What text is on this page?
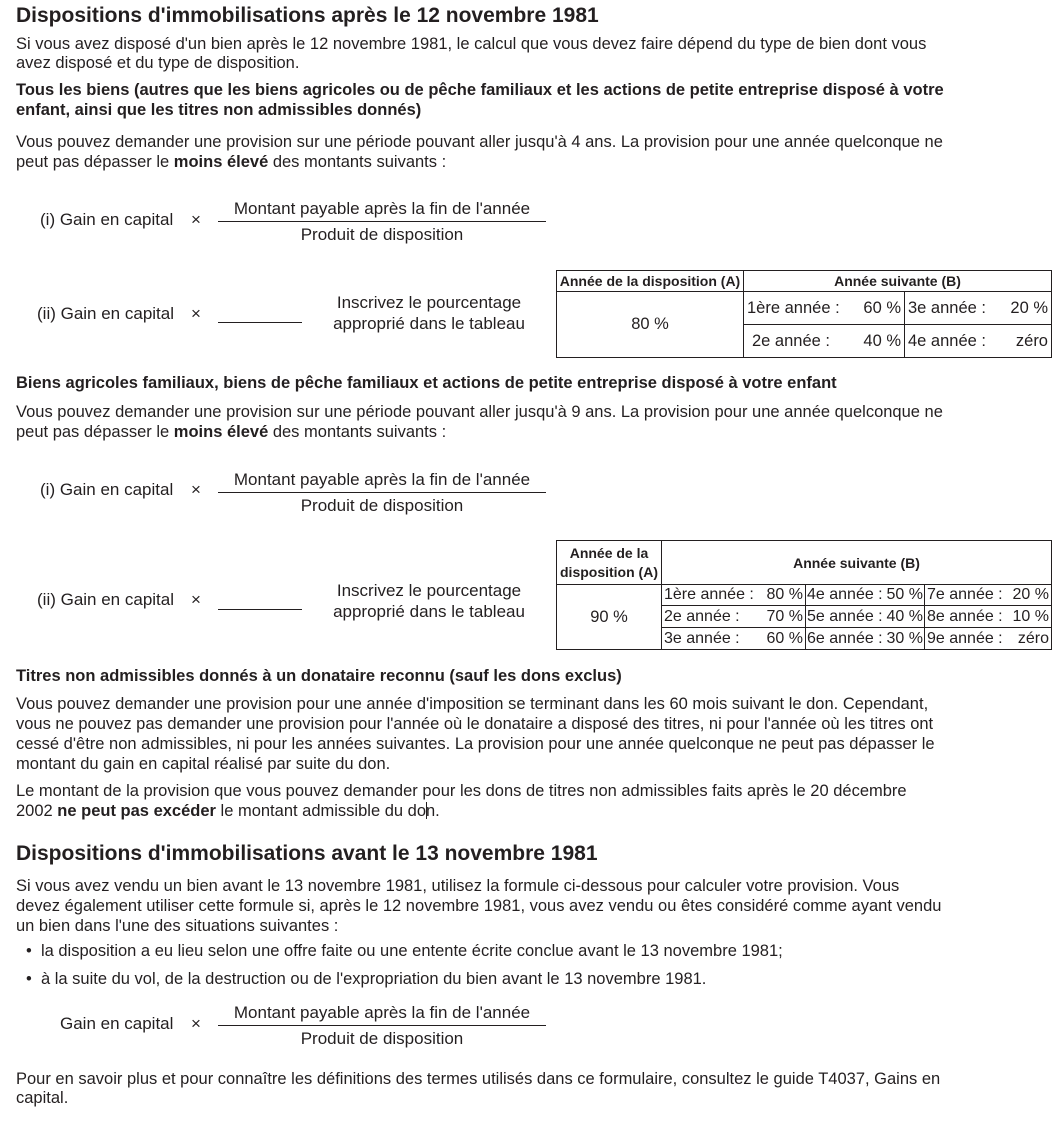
Dispositions d'immobilisations après le 12 novembre 1981
Si vous avez disposé d'un bien après le 12 novembre 1981, le calcul que vous devez faire dépend du type de bien dont vous
avez disposé et du type de disposition.
Tous les biens (autres que les biens agricoles ou de pêche familiaux et les actions de petite entreprise disposé à votre
enfant, ainsi que les titres non admissibles donnés)
Vous pouvez demander une provision sur une période pouvant aller jusqu'à 4 ans. La provision pour une année quelconque ne
peut pas dépasser le moins élevé des montants suivants :
(i) Gain en capital ×
Montant payable après la fin de l'année
Produit de disposition
(ii) Gain en capital ×
Inscrivez le pourcentage
approprié dans le tableau
Année de la disposition (A)	Année suivante (B)	
80 %	1ère année : 60 %	3e année : 20 %

	2e année : 40 %	4e année : zéro
Biens agricoles familiaux, biens de pêche familiaux et actions de petite entreprise disposé à votre enfant
Vous pouvez demander une provision sur une période pouvant aller jusqu'à 9 ans. La provision pour une année quelconque ne
peut pas dépasser le moins élevé des montants suivants :
(i) Gain en capital ×
Montant payable après la fin de l'année
Produit de disposition
(ii) Gain en capital ×	Inscrivez le pourcentage
approprié dans le tableau
Année de la
disposition (A)	Année suivante (B)		
90 %	1ère année : 80 %	4e année : 50 %	7e année : 20 %

	2e année : 70 %	5e année : 40 %	8e année : 10 %

	3e année : 60 %	6e année : 30 %	9e année : zéro
Titres non admissibles donnés à un donataire reconnu (sauf les dons exclus)
Vous pouvez demander une provision pour une année d'imposition se terminant dans les 60 mois suivant le don. Cependant,
vous ne pouvez pas demander une provision pour l'année où le donataire a disposé des titres, ni pour l'année où les titres ont
cessé d'être non admissibles, ni pour les années suivantes. La provision pour une année quelconque ne peut pas dépasser le
montant du gain en capital réalisé par suite du don.
Le montant de la provision que vous pouvez demander pour les dons de titres non admissibles faits après le 20 décembre
2002 ne peut pas excéder le montant admissible du don.
Dispositions d'immobilisations avant le 13 novembre 1981
Si vous avez vendu un bien avant le 13 novembre 1981, utilisez la formule ci-dessous pour calculer votre provision. Vous
devez également utiliser cette formule si, après le 12 novembre 1981, vous avez vendu ou êtes considéré comme ayant vendu
un bien dans l'une des situations suivantes :
• la disposition a eu lieu selon une offre faite ou une entente écrite conclue avant le 13 novembre 1981;
• à la suite du vol, de la destruction ou de l'expropriation du bien avant le 13 novembre 1981.
Gain en capital ×
Montant payable après la fin de l'année
Produit de disposition
Pour en savoir plus et pour connaître les définitions des termes utilisés dans ce formulaire, consultez le guide T4037, Gains en
capital.
